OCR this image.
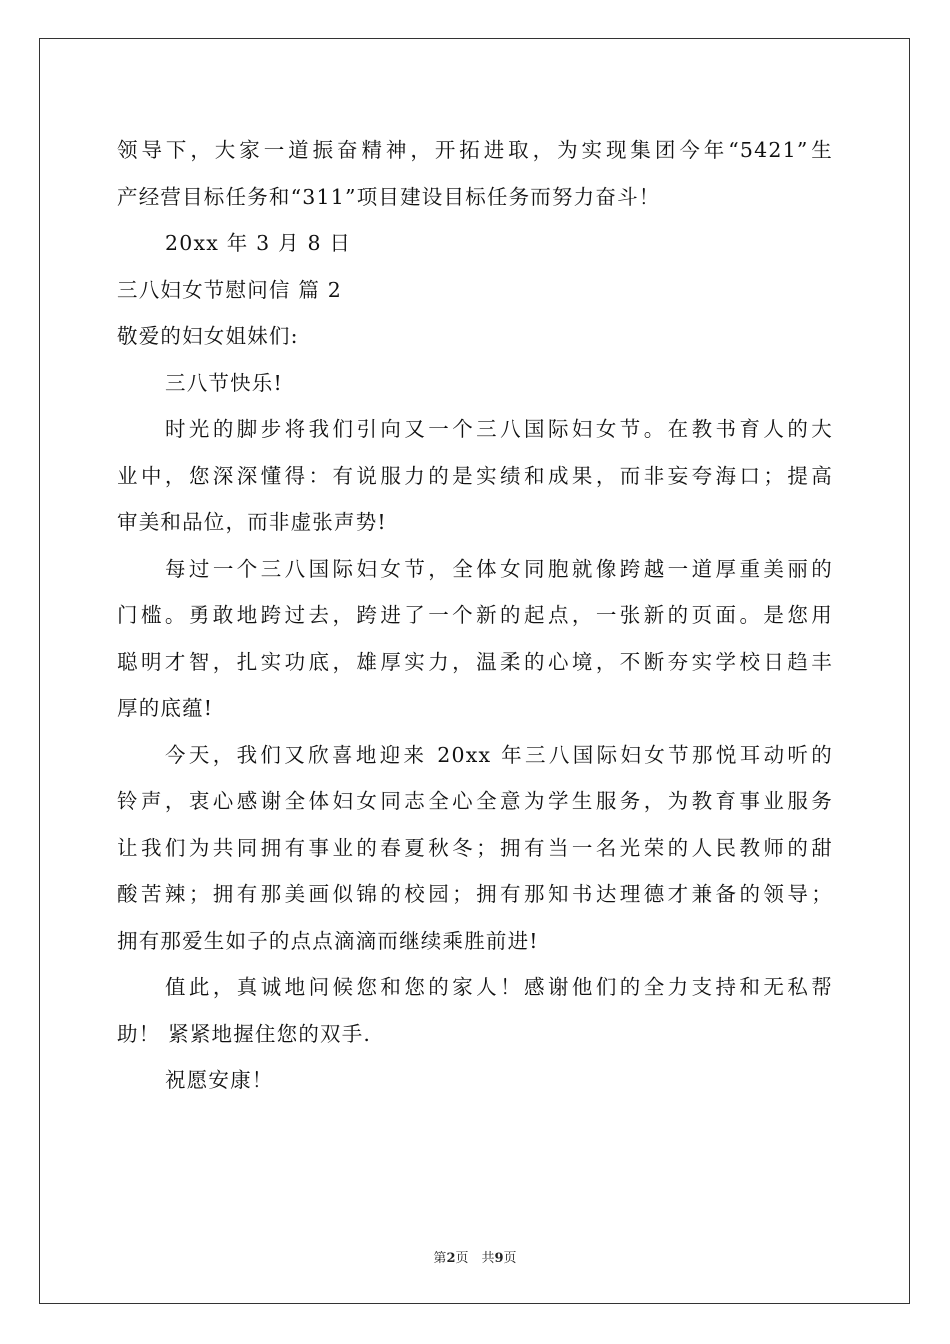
领导下，大家一道振奋精神，开拓进取，为实现集团今年“5421”生
产经营目标任务和“311”项目建设目标任务而努力奋斗！
20xx 年 3 月 8 日
三八妇女节慰问信 篇 2
敬爱的妇女姐妹们:
三八节快乐!
时光的脚步将我们引向又一个三八国际妇女节。在教书育人的大
业中，您深深懂得：有说服力的是实绩和成果，而非妄夸海口；提高
审美和品位，而非虚张声势!
每过一个三八国际妇女节，全体女同胞就像跨越一道厚重美丽的
门槛。勇敢地跨过去，跨进了一个新的起点，一张新的页面。是您用
聪明才智，扎实功底，雄厚实力，温柔的心境，不断夯实学校日趋丰
厚的底蕴!
今天，我们又欣喜地迎来 20xx 年三八国际妇女节那悦耳动听的
铃声，衷心感谢全体妇女同志全心全意为学生服务，为教育事业服务
让我们为共同拥有事业的春夏秋冬；拥有当一名光荣的人民教师的甜
酸苦辣；拥有那美画似锦的校园；拥有那知书达理德才兼备的领导；
拥有那爱生如子的点点滴滴而继续乘胜前进!
值此，真诚地问候您和您的家人！感谢他们的全力支持和无私帮
助！ 紧紧地握住您的双手.
祝愿安康！
第2页　共9页
